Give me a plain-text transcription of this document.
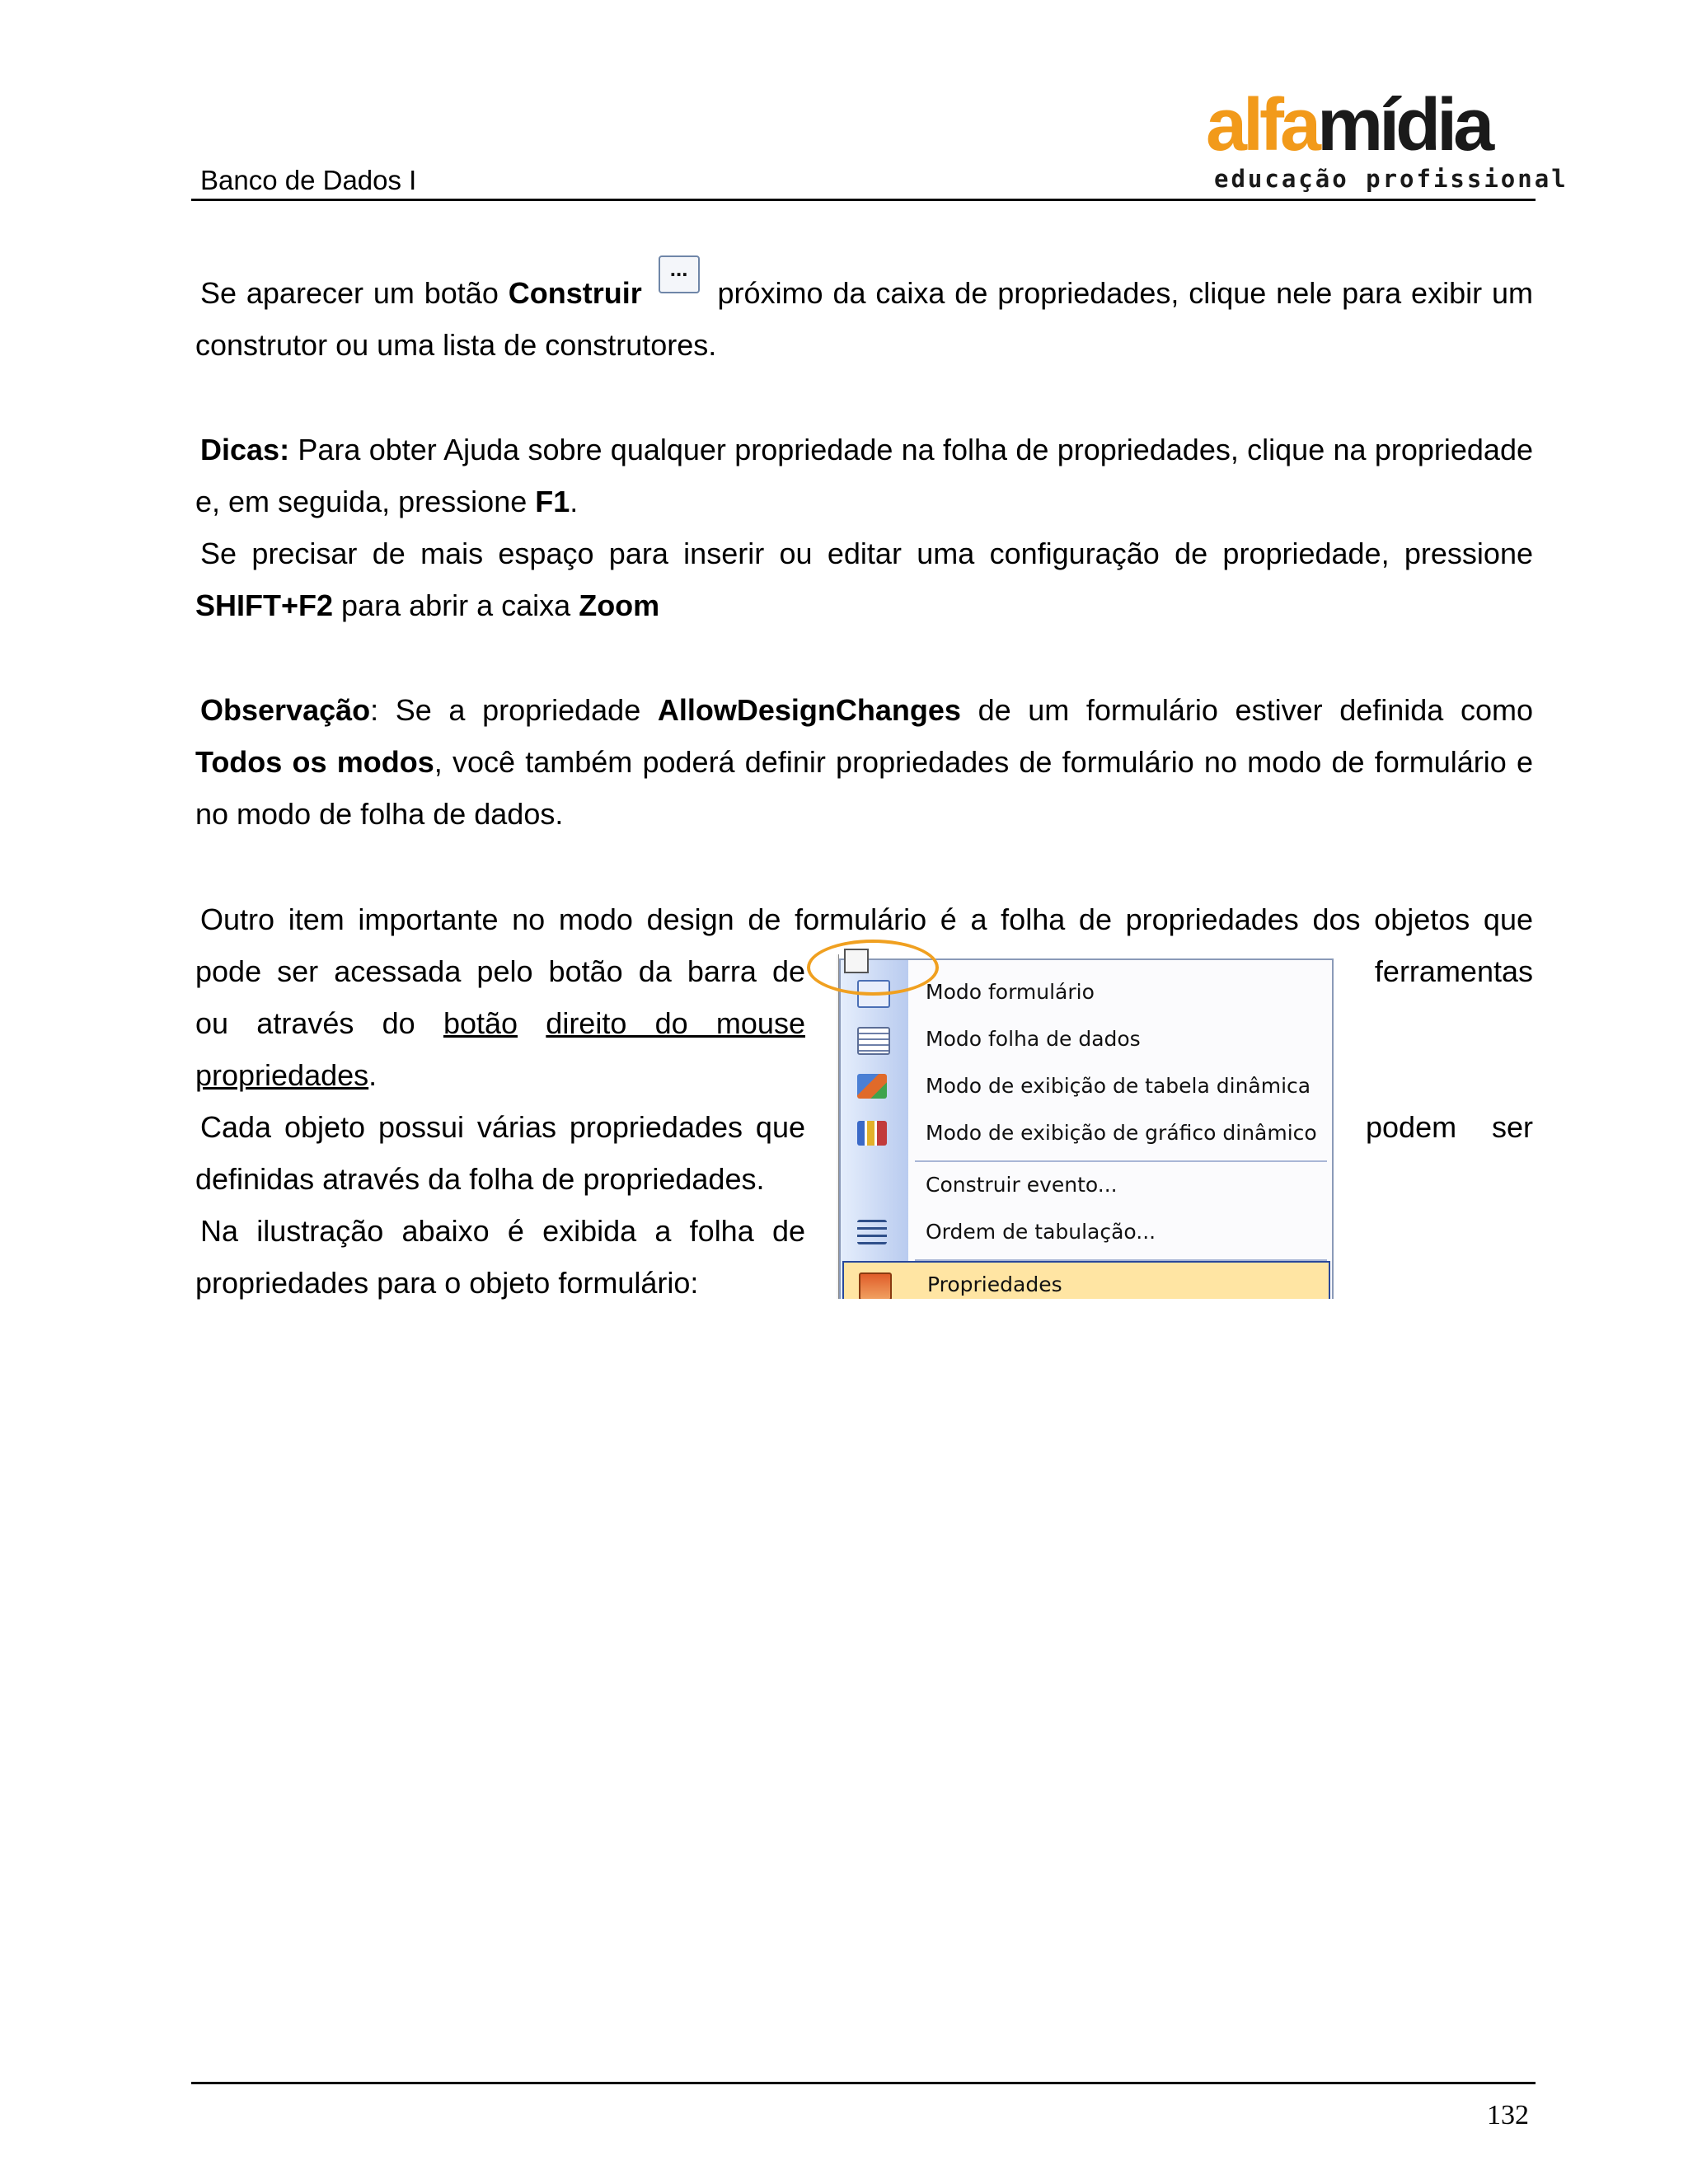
Banco de Dados I
alfamídia
educação profissional
Se aparecer um botão Construir ... próximo da caixa de propriedades, clique nele para exibir um construtor ou uma lista de construtores.
Dicas: Para obter Ajuda sobre qualquer propriedade na folha de propriedades, clique na propriedade e, em seguida, pressione F1.
Se precisar de mais espaço para inserir ou editar uma configuração de propriedade, pressione SHIFT+F2 para abrir a caixa Zoom
Observação: Se a propriedade AllowDesignChanges de um formulário estiver definida como Todos os modos, você também poderá definir propriedades de formulário no modo de formulário e no modo de folha de dados.
Outro item importante no modo design de formulário é a folha de propriedades dos objetos que
pode ser acessada pelo botão da barra de	ferramentas
ou através do botão direito do mouse
propriedades.
Cada objeto possui várias propriedades que	podem ser
definidas através da folha de propriedades.
Na ilustração abaixo é exibida a folha de
propriedades para o objeto formulário:
Modo formulário
Modo folha de dados
Modo de exibição de tabela dinâmica
Modo de exibição de gráfico dinâmico
Construir evento...
Ordem de tabulação...
Propriedades
132
